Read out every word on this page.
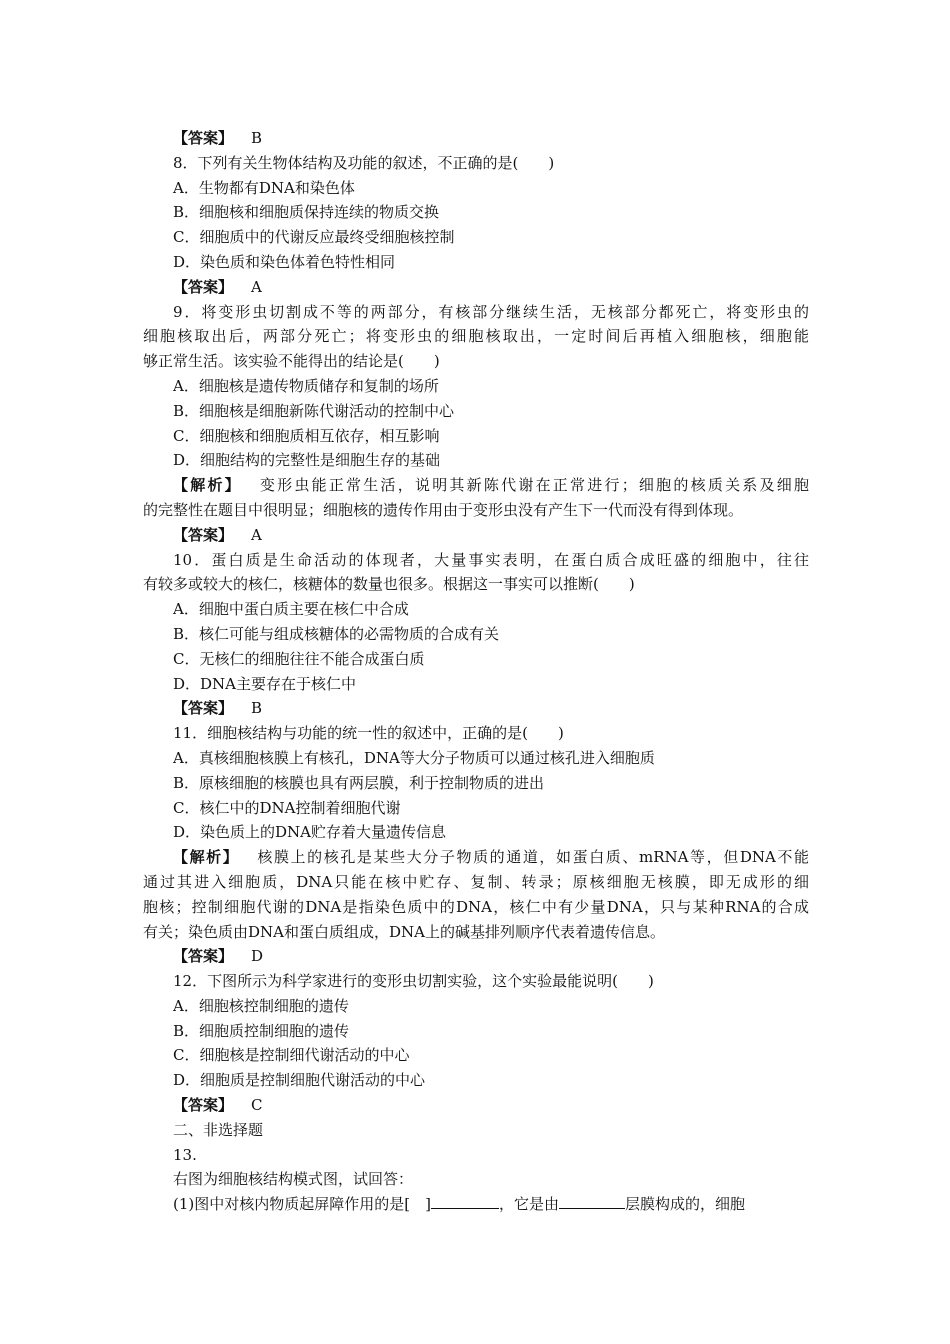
【答案】 B
8．下列有关生物体结构及功能的叙述，不正确的是(　　)
A．生物都有DNA和染色体
B．细胞核和细胞质保持连续的物质交换
C．细胞质中的代谢反应最终受细胞核控制
D．染色质和染色体着色特性相同
【答案】 A
9．将变形虫切割成不等的两部分，有核部分继续生活，无核部分都死亡，将变形虫的
细胞核取出后，两部分死亡；将变形虫的细胞核取出，一定时间后再植入细胞核，细胞能
够正常生活。该实验不能得出的结论是(　　)
A．细胞核是遗传物质储存和复制的场所
B．细胞核是细胞新陈代谢活动的控制中心
C．细胞核和细胞质相互依存，相互影响
D．细胞结构的完整性是细胞生存的基础
【解析】 变形虫能正常生活，说明其新陈代谢在正常进行；细胞的核质关系及细胞
的完整性在题目中很明显；细胞核的遗传作用由于变形虫没有产生下一代而没有得到体现。
【答案】 A
10．蛋白质是生命活动的体现者，大量事实表明，在蛋白质合成旺盛的细胞中，往往
有较多或较大的核仁，核糖体的数量也很多。根据这一事实可以推断(　　)
A．细胞中蛋白质主要在核仁中合成
B．核仁可能与组成核糖体的必需物质的合成有关
C．无核仁的细胞往往不能合成蛋白质
D．DNA主要存在于核仁中
【答案】 B
11．细胞核结构与功能的统一性的叙述中，正确的是(　　)
A．真核细胞核膜上有核孔，DNA等大分子物质可以通过核孔进入细胞质
B．原核细胞的核膜也具有两层膜，利于控制物质的进出
C．核仁中的DNA控制着细胞代谢
D．染色质上的DNA贮存着大量遗传信息
【解析】 核膜上的核孔是某些大分子物质的通道，如蛋白质、mRNA等，但DNA不能
通过其进入细胞质，DNA只能在核中贮存、复制、转录；原核细胞无核膜，即无成形的细
胞核；控制细胞代谢的DNA是指染色质中的DNA，核仁中有少量DNA，只与某种RNA的合成
有关；染色质由DNA和蛋白质组成，DNA上的碱基排列顺序代表着遗传信息。
【答案】 D
12．下图所示为科学家进行的变形虫切割实验，这个实验最能说明(　　)
A．细胞核控制细胞的遗传
B．细胞质控制细胞的遗传
C．细胞核是控制细代谢活动的中心
D．细胞质是控制细胞代谢活动的中心
【答案】 C
二、非选择题
13.
右图为细胞核结构模式图，试回答：
(1)图中对核内物质起屏障作用的是[　]	，它是由	层膜构成的，细胞
